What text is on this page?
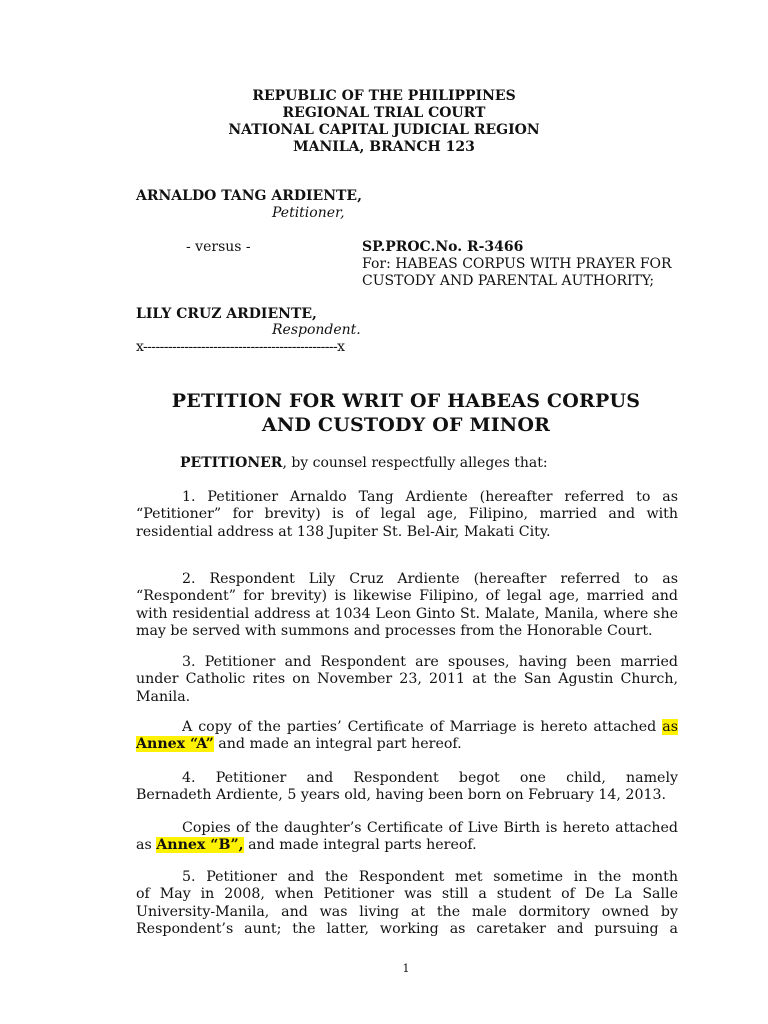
REPUBLIC OF THE PHILIPPINES
REGIONAL TRIAL COURT
NATIONAL CAPITAL JUDICIAL REGION
MANILA, BRANCH 123
ARNALDO TANG ARDIENTE,
Petitioner,
- versus -	SP.PROC.No. R-3466
For: HABEAS CORPUS WITH PRAYER FOR
CUSTODY AND PARENTAL AUTHORITY;
LILY CRUZ ARDIENTE,
Respondent.
x-----------------------------------------------x
PETITION FOR WRIT OF HABEAS CORPUS
AND CUSTODY OF MINOR
PETITIONER, by counsel respectfully alleges that:
1. Petitioner Arnaldo Tang Ardiente (hereafter referred to as
“Petitioner” for brevity) is of legal age, Filipino, married and with
residential address at 138 Jupiter St. Bel-Air, Makati City.
2. Respondent Lily Cruz Ardiente (hereafter referred to as
“Respondent” for brevity) is likewise Filipino, of legal age, married and
with residential address at 1034 Leon Ginto St. Malate, Manila, where she
may be served with summons and processes from the Honorable Court.
3. Petitioner and Respondent are spouses, having been married
under Catholic rites on November 23, 2011 at the San Agustin Church,
Manila.
A copy of the parties’ Certificate of Marriage is hereto attached as
Annex “A” and made an integral part hereof.
4. Petitioner and Respondent begot one child, namely
Bernadeth Ardiente, 5 years old, having been born on February 14, 2013.
Copies of the daughter’s Certificate of Live Birth is hereto attached
as Annex “B”, and made integral parts hereof.
5. Petitioner and the Respondent met sometime in the month
of May in 2008, when Petitioner was still a student of De La Salle
University-Manila, and was living at the male dormitory owned by
Respondent’s aunt; the latter, working as caretaker and pursuing a
1
